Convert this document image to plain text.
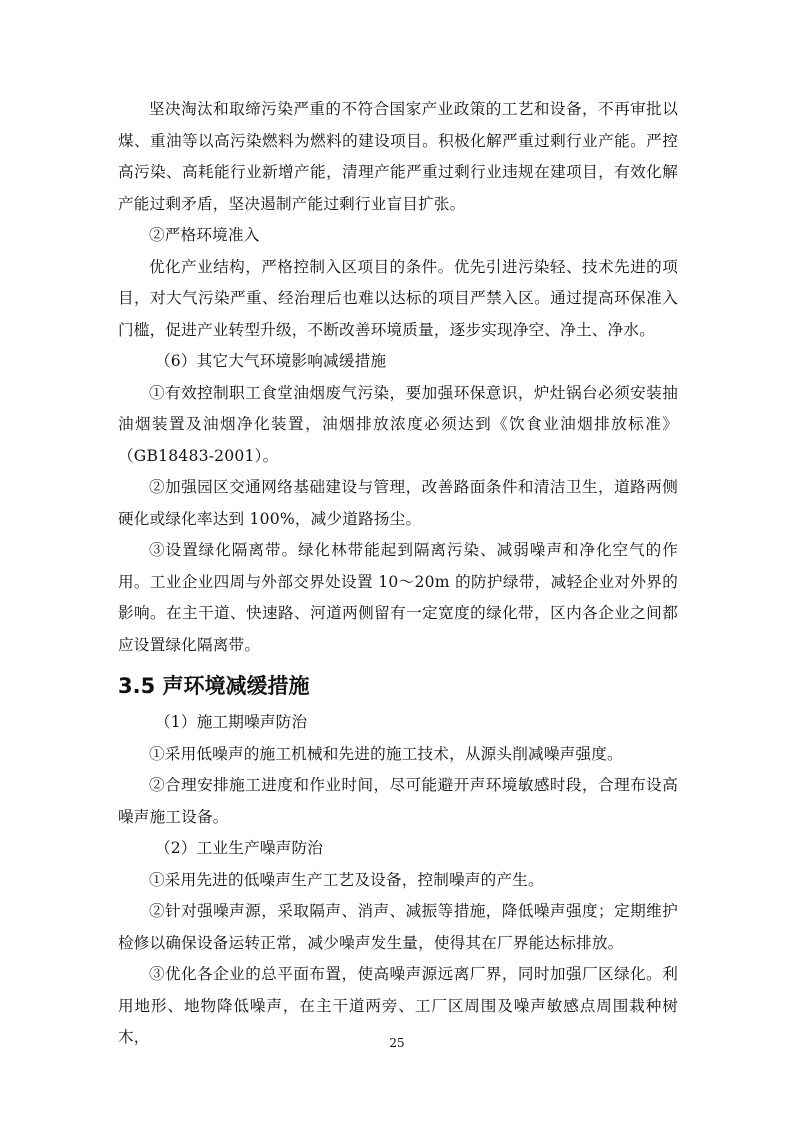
坚决淘汰和取缔污染严重的不符合国家产业政策的工艺和设备，不再审批以煤、重油等以高污染燃料为燃料的建设项目。积极化解严重过剩行业产能。严控高污染、高耗能行业新增产能，清理产能严重过剩行业违规在建项目，有效化解产能过剩矛盾，坚决遏制产能过剩行业盲目扩张。

②严格环境准入

优化产业结构，严格控制入区项目的条件。优先引进污染轻、技术先进的项目，对大气污染严重、经治理后也难以达标的项目严禁入区。通过提高环保准入门槛，促进产业转型升级，不断改善环境质量，逐步实现净空、净土、净水。

（6）其它大气环境影响减缓措施

①有效控制职工食堂油烟废气污染，要加强环保意识，炉灶锅台必须安装抽油烟装置及油烟净化装置，油烟排放浓度必须达到《饮食业油烟排放标准》（GB18483-2001）。

②加强园区交通网络基础建设与管理，改善路面条件和清洁卫生，道路两侧硬化或绿化率达到 100%，减少道路扬尘。

③设置绿化隔离带。绿化林带能起到隔离污染、减弱噪声和净化空气的作用。工业企业四周与外部交界处设置 10～20m 的防护绿带，减轻企业对外界的影响。在主干道、快速路、河道两侧留有一定宽度的绿化带，区内各企业之间都应设置绿化隔离带。

3.5 声环境减缓措施

（1）施工期噪声防治

①采用低噪声的施工机械和先进的施工技术，从源头削减噪声强度。

②合理安排施工进度和作业时间，尽可能避开声环境敏感时段，合理布设高噪声施工设备。

（2）工业生产噪声防治

①采用先进的低噪声生产工艺及设备，控制噪声的产生。

②针对强噪声源，采取隔声、消声、减振等措施，降低噪声强度；定期维护检修以确保设备运转正常，减少噪声发生量，使得其在厂界能达标排放。

③优化各企业的总平面布置，使高噪声源远离厂界，同时加强厂区绿化。利用地形、地物降低噪声，在主干道两旁、工厂区周围及噪声敏感点周围栽种树木，	25
